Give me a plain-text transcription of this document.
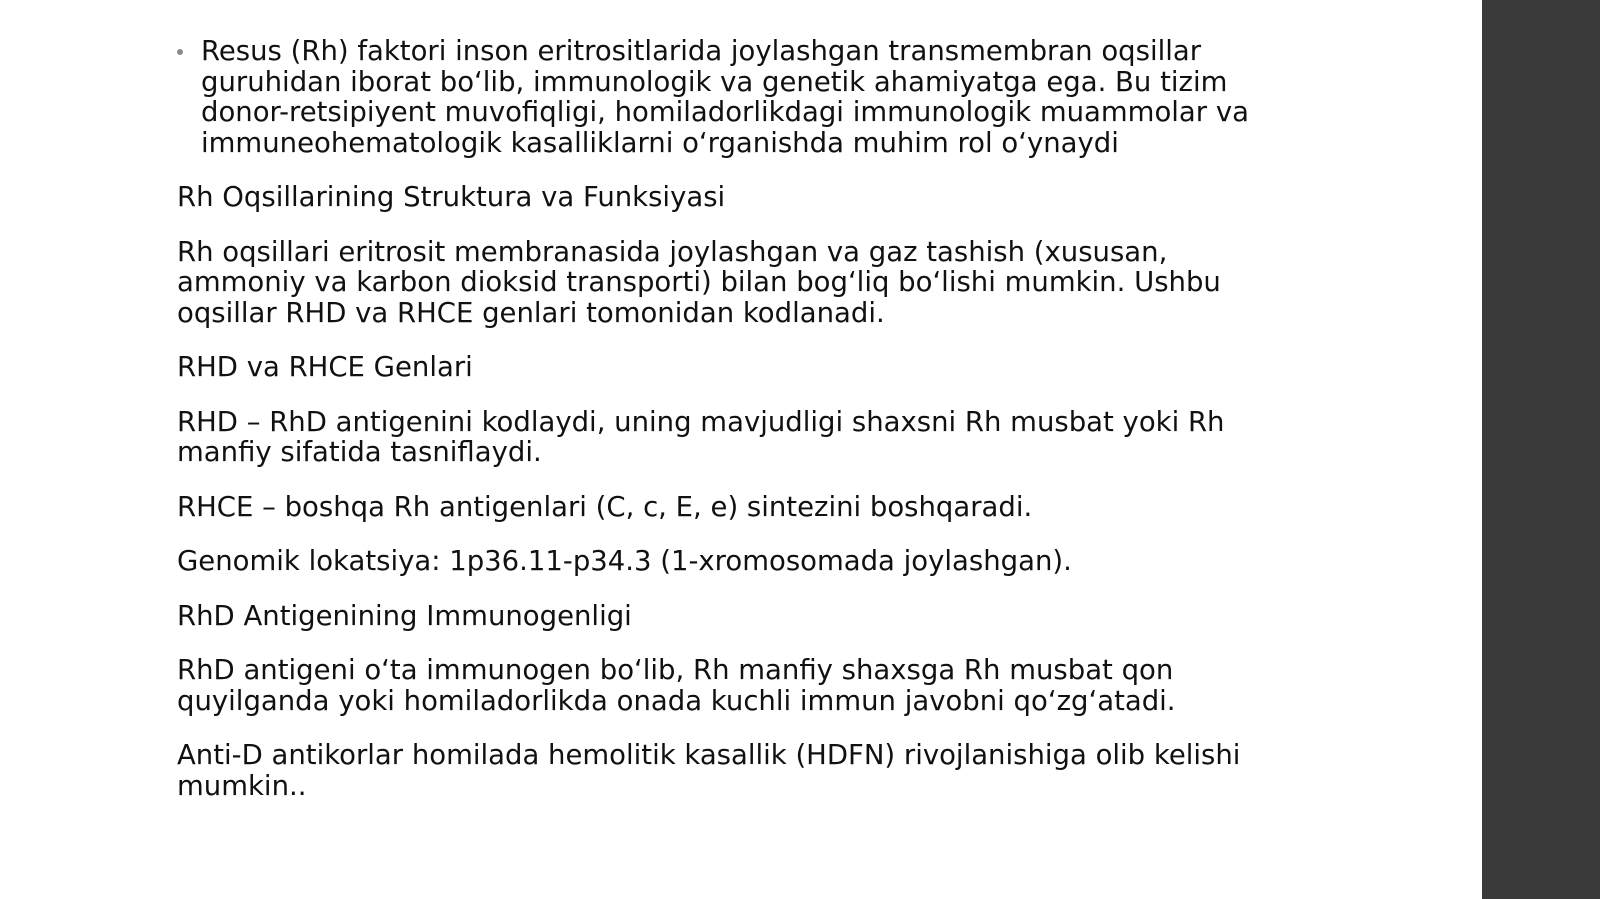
Resus (Rh) faktori inson eritrositlarida joylashgan transmembran oqsillar guruhidan iborat bo‘lib, immunologik va genetik ahamiyatga ega. Bu tizim donor-retsipiyent muvofiqligi, homiladorlikdagi immunologik muammolar va immuneohematologik kasalliklarni o‘rganishda muhim rol o‘ynaydi

Rh Oqsillarining Struktura va Funksiyasi

Rh oqsillari eritrosit membranasida joylashgan va gaz tashish (xususan, ammoniy va karbon dioksid transporti) bilan bog‘liq bo‘lishi mumkin. Ushbu oqsillar RHD va RHCE genlari tomonidan kodlanadi.

RHD va RHCE Genlari

RHD – RhD antigenini kodlaydi, uning mavjudligi shaxsni Rh musbat yoki Rh manfiy sifatida tasniflaydi.

RHCE – boshqa Rh antigenlari (C, c, E, e) sintezini boshqaradi.

Genomik lokatsiya: 1p36.11-p34.3 (1-xromosomada joylashgan).

RhD Antigenining Immunogenligi

RhD antigeni o‘ta immunogen bo‘lib, Rh manfiy shaxsga Rh musbat qon quyilganda yoki homiladorlikda onada kuchli immun javobni qo‘zg‘atadi.

Anti-D antikorlar homilada hemolitik kasallik (HDFN) rivojlanishiga olib kelishi mumkin..
